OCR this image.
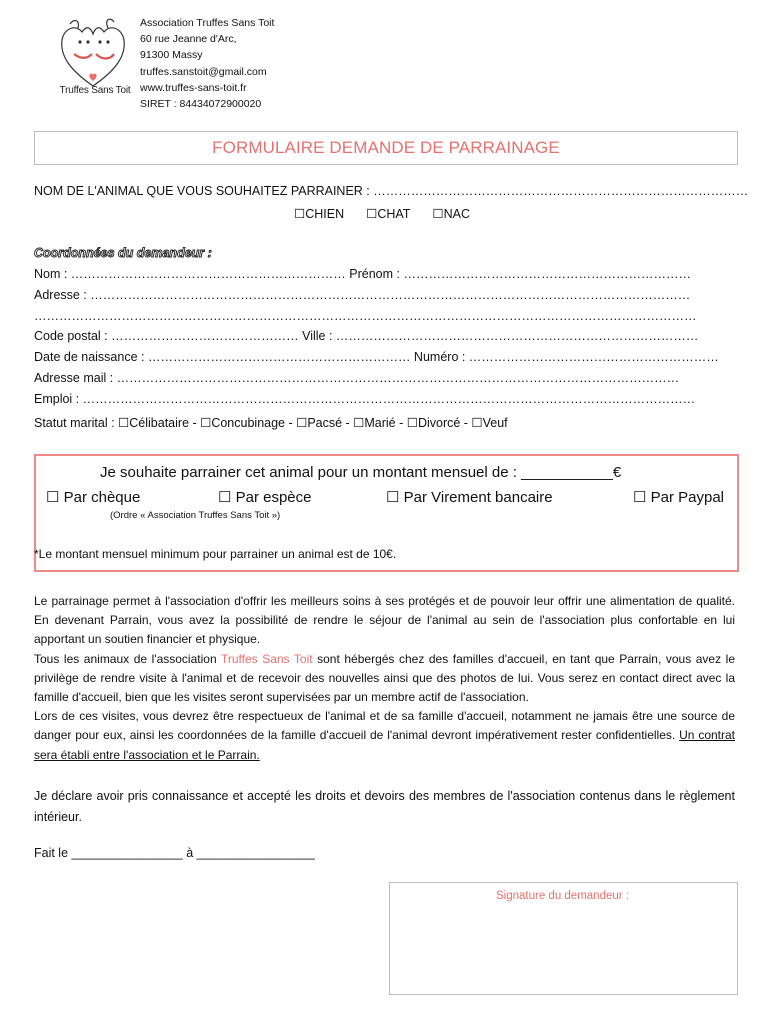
Truffes Sans Toit
Association Truffes Sans Toit
60 rue Jeanne d'Arc,
91300 Massy
truffes.sanstoit@gmail.com
www.truffes-sans-toit.fr
SIRET : 84434072900020
FORMULAIRE DEMANDE DE PARRAINAGE
NOM DE L'ANIMAL QUE VOUS SOUHAITEZ PARRAINER : ………………………………………………………………………………
☐CHIEN ☐CHAT ☐NAC
Coordonnées du demandeur :
Nom : ………………………………………………………… Prénom : ……………………………………………………………
Adresse : ………………………………………………………………………………………………………………………………
……………………………………………………………………………………………………………………………………………
Code postal : ……………………………………… Ville : ……………………………………………………………………………
Date de naissance : ……………………………………………………… Numéro : ……………………………………………………
Adresse mail : ………………………………………………………………………………………………………………………
Emploi : …………………………………………………………………………………………………………………………………
Statut marital : ☐Célibataire - ☐Concubinage - ☐Pacsé - ☐Marié - ☐Divorcé - ☐Veuf
Je souhaite parrainer cet animal pour un montant mensuel de : ___________€
☐ Par chèque	☐ Par espèce	☐ Par Virement bancaire	☐ Par Paypal
(Ordre « Association Truffes Sans Toit »)
*Le montant mensuel minimum pour parrainer un animal est de 10€.
Le parrainage permet à l'association d'offrir les meilleurs soins à ses protégés et de pouvoir leur offrir une alimentation de qualité. En devenant Parrain, vous avez la possibilité de rendre le séjour de l'animal au sein de l'association plus confortable en lui apportant un soutien financier et physique.
Tous les animaux de l'association Truffes Sans Toit sont hébergés chez des familles d'accueil, en tant que Parrain, vous avez le privilège de rendre visite à l'animal et de recevoir des nouvelles ainsi que des photos de lui. Vous serez en contact direct avec la famille d'accueil, bien que les visites seront supervisées par un membre actif de l'association.
Lors de ces visites, vous devrez être respectueux de l'animal et de sa famille d'accueil, notamment ne jamais être une source de danger pour eux, ainsi les coordonnées de la famille d'accueil de l'animal devront impérativement rester confidentielles. Un contrat sera établi entre l'association et le Parrain.
Je déclare avoir pris connaissance et accepté les droits et devoirs des membres de l'association contenus dans le règlement intérieur.
Fait le ________________ à _________________
Signature du demandeur :
